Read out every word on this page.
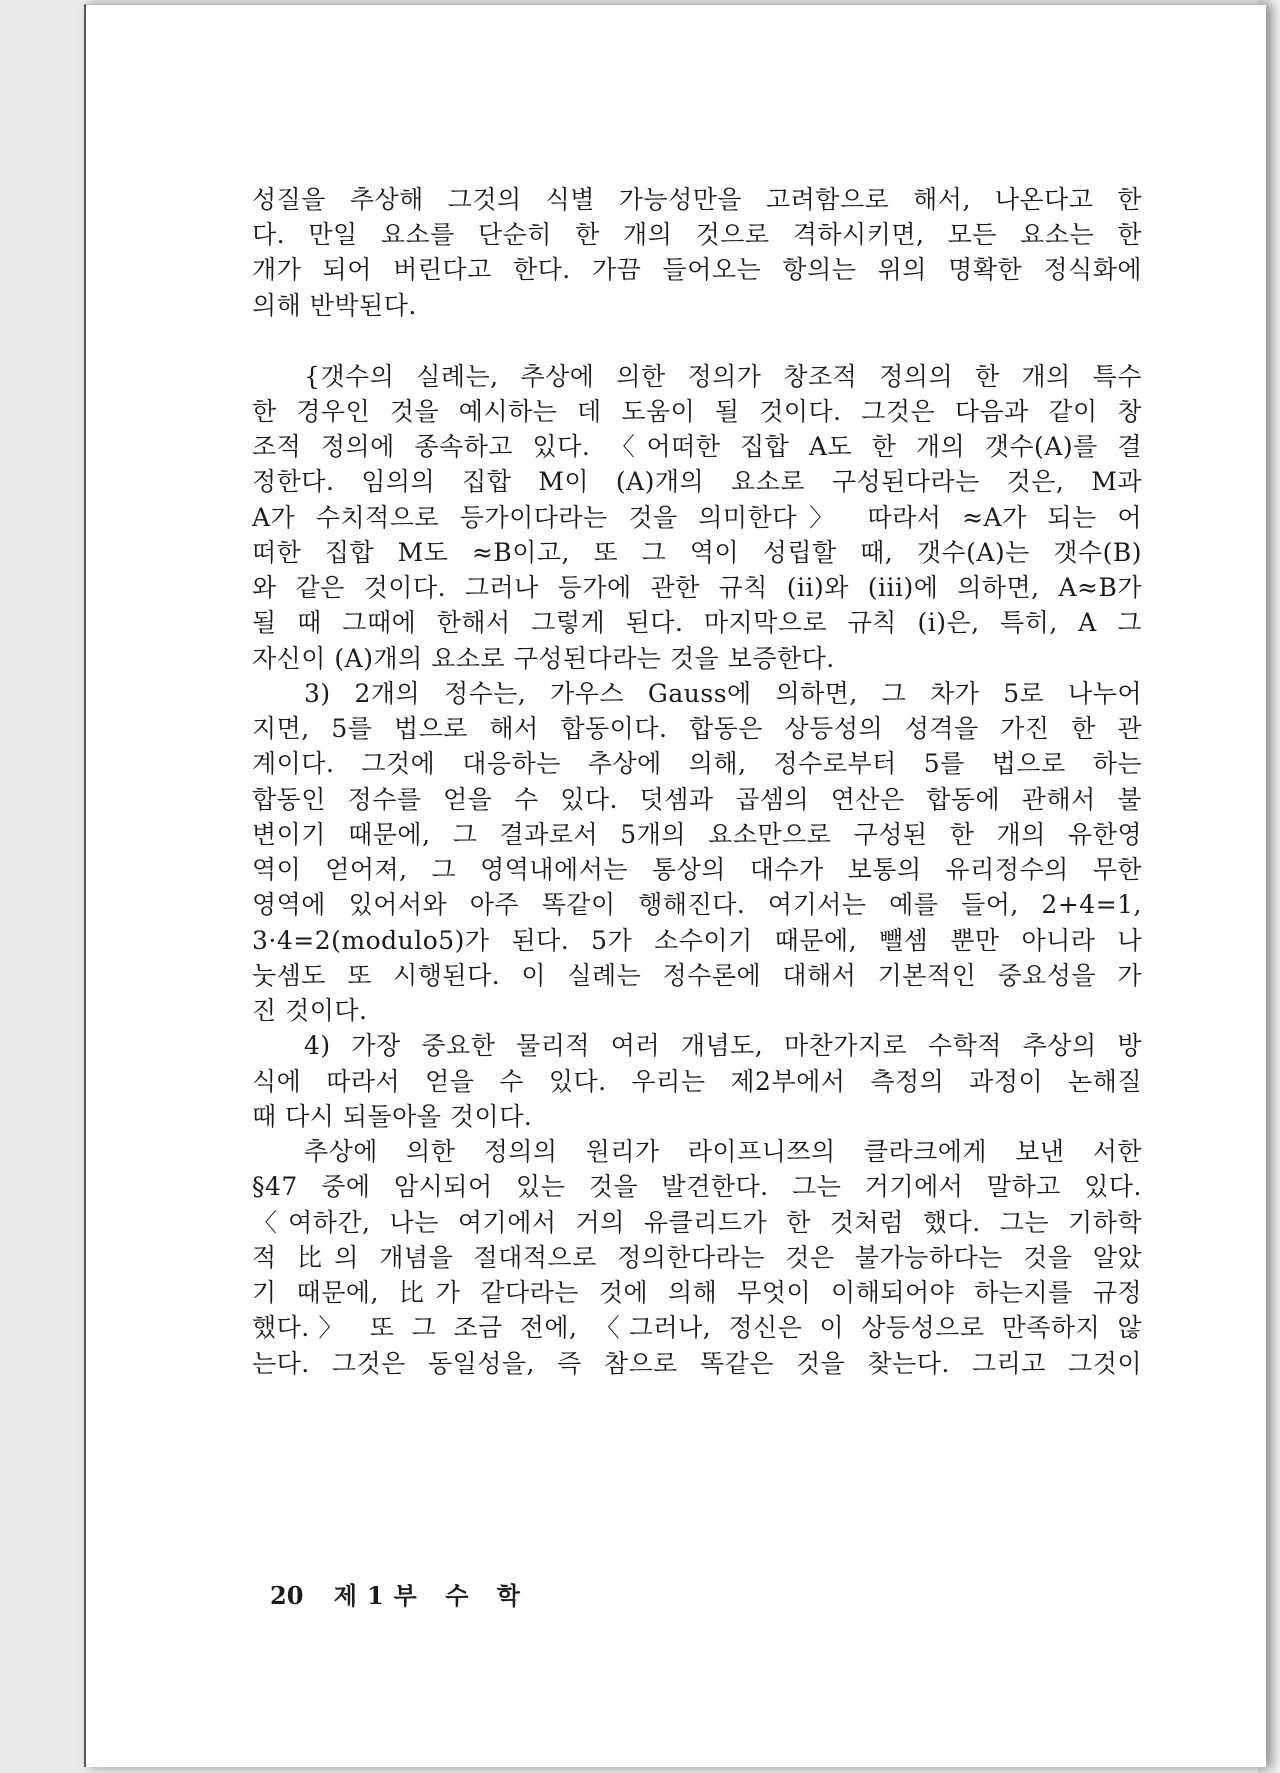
성질을 추상해 그것의 식별 가능성만을 고려함으로 해서, 나온다고 한
다. 만일 요소를 단순히 한 개의 것으로 격하시키면, 모든 요소는 한
개가 되어 버린다고 한다. 가끔 들어오는 항의는 위의 명확한 정식화에
의해 반박된다.
{갯수의 실례는, 추상에 의한 정의가 창조적 정의의 한 개의 특수
한 경우인 것을 예시하는 데 도움이 될 것이다. 그것은 다음과 같이 창
조적 정의에 종속하고 있다. 〈어떠한 집합 A도 한 개의 갯수(A)를 결
정한다. 임의의 집합 M이 (A)개의 요소로 구성된다라는 것은, M과
A가 수치적으로 등가이다라는 것을 의미한다〉 따라서 ≈A가 되는 어
떠한 집합 M도 ≈B이고, 또 그 역이 성립할 때, 갯수(A)는 갯수(B)
와 같은 것이다. 그러나 등가에 관한 규칙 (ii)와 (iii)에 의하면, A≈B가
될 때 그때에 한해서 그렇게 된다. 마지막으로 규칙 (i)은, 특히, A 그
자신이 (A)개의 요소로 구성된다라는 것을 보증한다.
3) 2개의 정수는, 가우스 Gauss에 의하면, 그 차가 5로 나누어
지면, 5를 법으로 해서 합동이다. 합동은 상등성의 성격을 가진 한 관
계이다. 그것에 대응하는 추상에 의해, 정수로부터 5를 법으로 하는
합동인 정수를 얻을 수 있다. 덧셈과 곱셈의 연산은 합동에 관해서 불
변이기 때문에, 그 결과로서 5개의 요소만으로 구성된 한 개의 유한영
역이 얻어져, 그 영역내에서는 통상의 대수가 보통의 유리정수의 무한
영역에 있어서와 아주 똑같이 행해진다. 여기서는 예를 들어, 2+4=1,
3·4=2(modulo5)가 된다. 5가 소수이기 때문에, 뺄셈 뿐만 아니라 나
눗셈도 또 시행된다. 이 실례는 정수론에 대해서 기본적인 중요성을 가
진 것이다.
4) 가장 중요한 물리적 여러 개념도, 마찬가지로 수학적 추상의 방
식에 따라서 얻을 수 있다. 우리는 제2부에서 측정의 과정이 논해질
때 다시 되돌아올 것이다.
추상에 의한 정의의 원리가 라이프니쯔의 클라크에게 보낸 서한
§47 중에 암시되어 있는 것을 발견한다. 그는 거기에서 말하고 있다.
〈여하간, 나는 여기에서 거의 유클리드가 한 것처럼 했다. 그는 기하학
적 比의 개념을 절대적으로 정의한다라는 것은 불가능하다는 것을 알았
기 때문에, 比가 같다라는 것에 의해 무엇이 이해되어야 하는지를 규정
했다.〉 또 그 조금 전에, 〈그러나, 정신은 이 상등성으로 만족하지 않
는다. 그것은 동일성을, 즉 참으로 똑같은 것을 찾는다. 그리고 그것이
20 제1부 수 학
